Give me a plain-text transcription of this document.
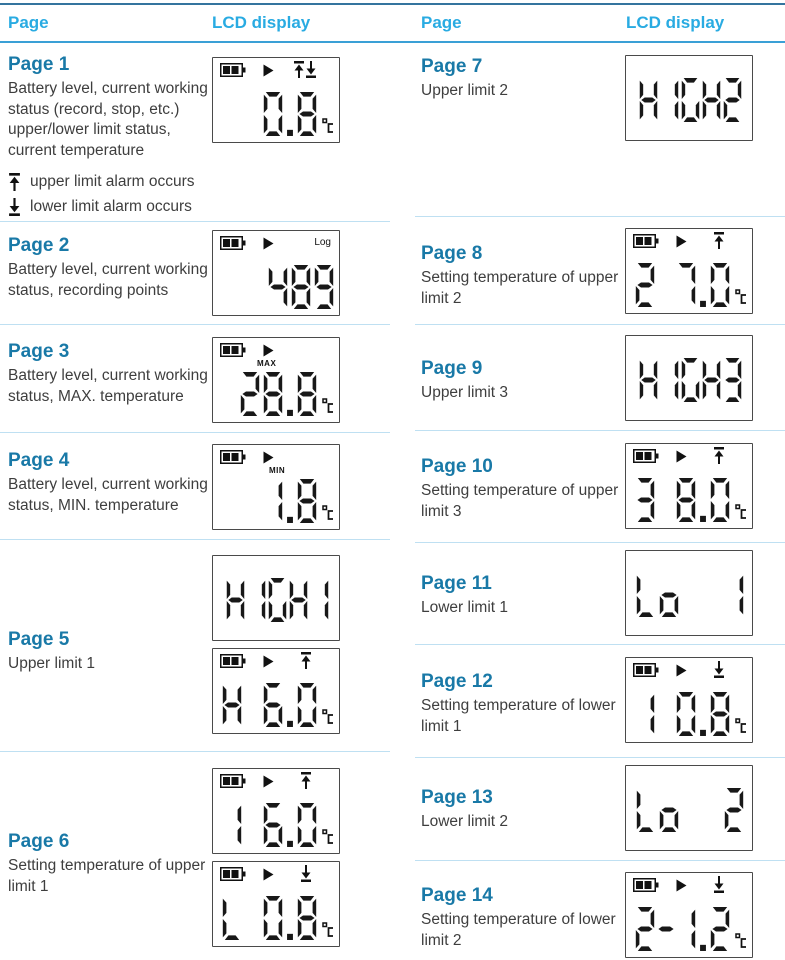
Page	LCD display
Page 1
Battery level, current working status (record, stop, etc.) upper/lower limit status, current temperature
upper limit alarm occurs
lower limit alarm occurs
Page 2
Battery level, current working status, recording points
Log
Page 3
Battery level, current working status, MAX. temperature
MAX
Page 4
Battery level, current working status, MIN. temperature
MIN
Page 5
Upper limit 1
Page 6
Setting temperature of upper limit 1
Page	LCD display
Page 7
Upper limit 2
Page 8
Setting temperature of upper limit 2
Page 9
Upper limit 3
Page 10
Setting temperature of upper limit 3
Page 11
Lower limit 1
Page 12
Setting temperature of lower limit 1
Page 13
Lower limit 2
Page 14
Setting temperature of lower limit 2
